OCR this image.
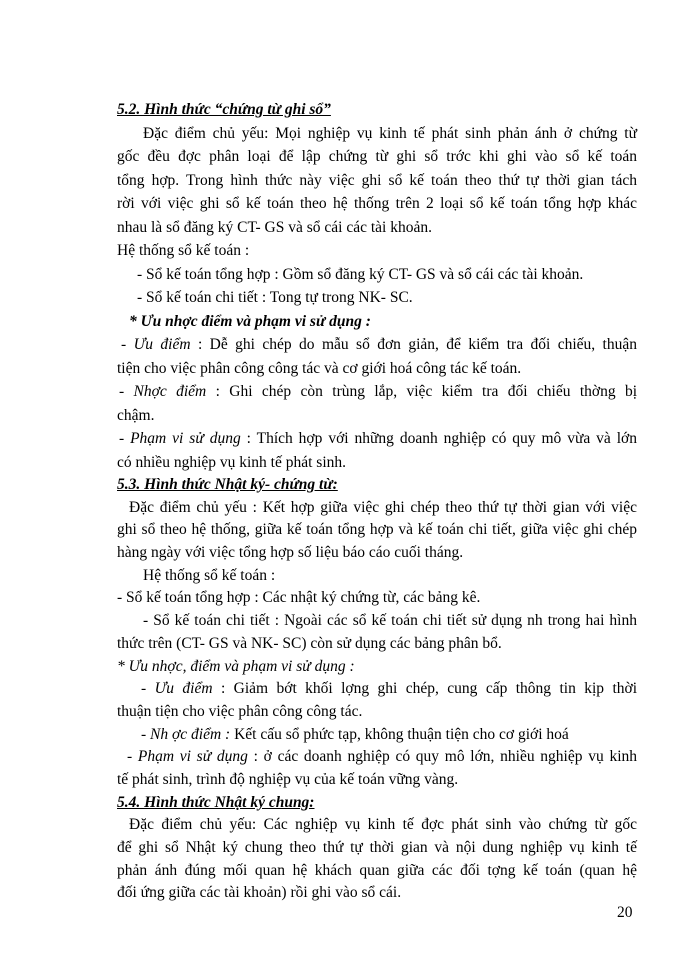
5.2. Hình thức “chứng từ ghi sổ”
Đặc điểm chủ yếu: Mọi nghiệp vụ kinh tế phát sinh phản ánh ở chứng từ
gốc đều đợc phân loại để lập chứng từ ghi sổ trớc khi ghi vào sổ kế toán
tổng hợp. Trong hình thức này việc ghi sổ kế toán theo thứ tự thời gian tách
rời với việc ghi sổ kế toán theo hệ thống trên 2 loại sổ kế toán tổng hợp khác
nhau là sổ đăng ký CT- GS và sổ cái các tài khoản.
Hệ thống sổ kế toán :
- Sổ kế toán tổng hợp : Gồm sổ đăng ký CT- GS và sổ cái các tài khoản.
- Sổ kế toán chi tiết : Tong tự trong NK- SC.
* Ưu nhợc điểm và phạm vi sử dụng :
- Ưu điểm : Dễ ghi chép do mẫu sổ đơn giản, để kiểm tra đối chiếu, thuận
tiện cho việc phân công công tác và cơ giới hoá công tác kế toán.
- Nhợc điểm : Ghi chép còn trùng lắp, việc kiểm tra đối chiếu thờng bị
chậm.
- Phạm vi sử dụng : Thích hợp với những doanh nghiệp có quy mô vừa và lớn
có nhiều nghiệp vụ kinh tế phát sinh.
5.3. Hình thức Nhật ký- chứng từ:
Đặc điểm chủ yếu : Kết hợp giữa việc ghi chép theo thứ tự thời gian với việc
ghi sổ theo hệ thống, giữa kế toán tổng hợp và kế toán chi tiết, giữa việc ghi chép
hàng ngày với việc tổng hợp số liệu báo cáo cuối tháng.
Hệ thống sổ kế toán :
- Sổ kế toán tổng hợp : Các nhật ký chứng từ, các bảng kê.
- Sổ kế toán chi tiết : Ngoài các sổ kế toán chi tiết sử dụng nh trong hai hình
thức trên (CT- GS và NK- SC) còn sử dụng các bảng phân bổ.
* Ưu nhợc, điểm và phạm vi sử dụng :
- Ưu điểm : Giảm bớt khối lợng ghi chép, cung cấp thông tin kịp thời
thuận tiện cho việc phân công công tác.
- Nh ợc điểm : Kết cấu sổ phức tạp, không thuận tiện cho cơ giới hoá
- Phạm vi sử dụng : ở các doanh nghiệp có quy mô lớn, nhiều nghiệp vụ kinh
tế phát sinh, trình độ nghiệp vụ của kế toán vững vàng.
5.4. Hình thức Nhật ký chung:
Đặc điểm chủ yếu: Các nghiệp vụ kinh tế đợc phát sinh vào chứng từ gốc
để ghi sổ Nhật ký chung theo thứ tự thời gian và nội dung nghiệp vụ kinh tế
phản ánh đúng mối quan hệ khách quan giữa các đối tợng kế toán (quan hệ
đối ứng giữa các tài khoản) rồi ghi vào sổ cái.
20
